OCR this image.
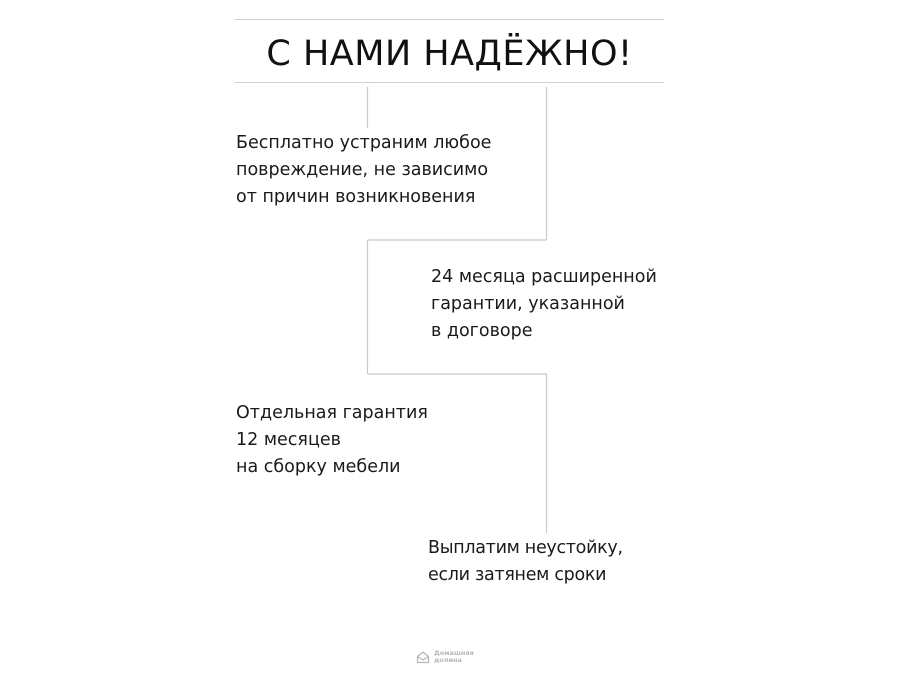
С НАМИ НАДЁЖНО!
Бесплатно устраним любое
повреждение, не зависимо
от причин возникновения
24 месяца расширенной
гарантии, указанной
в договоре
Отдельная гарантия
12 месяцев
на сборку мебели
Выплатим неустойку,
если затянем сроки
Домашняя
долина
